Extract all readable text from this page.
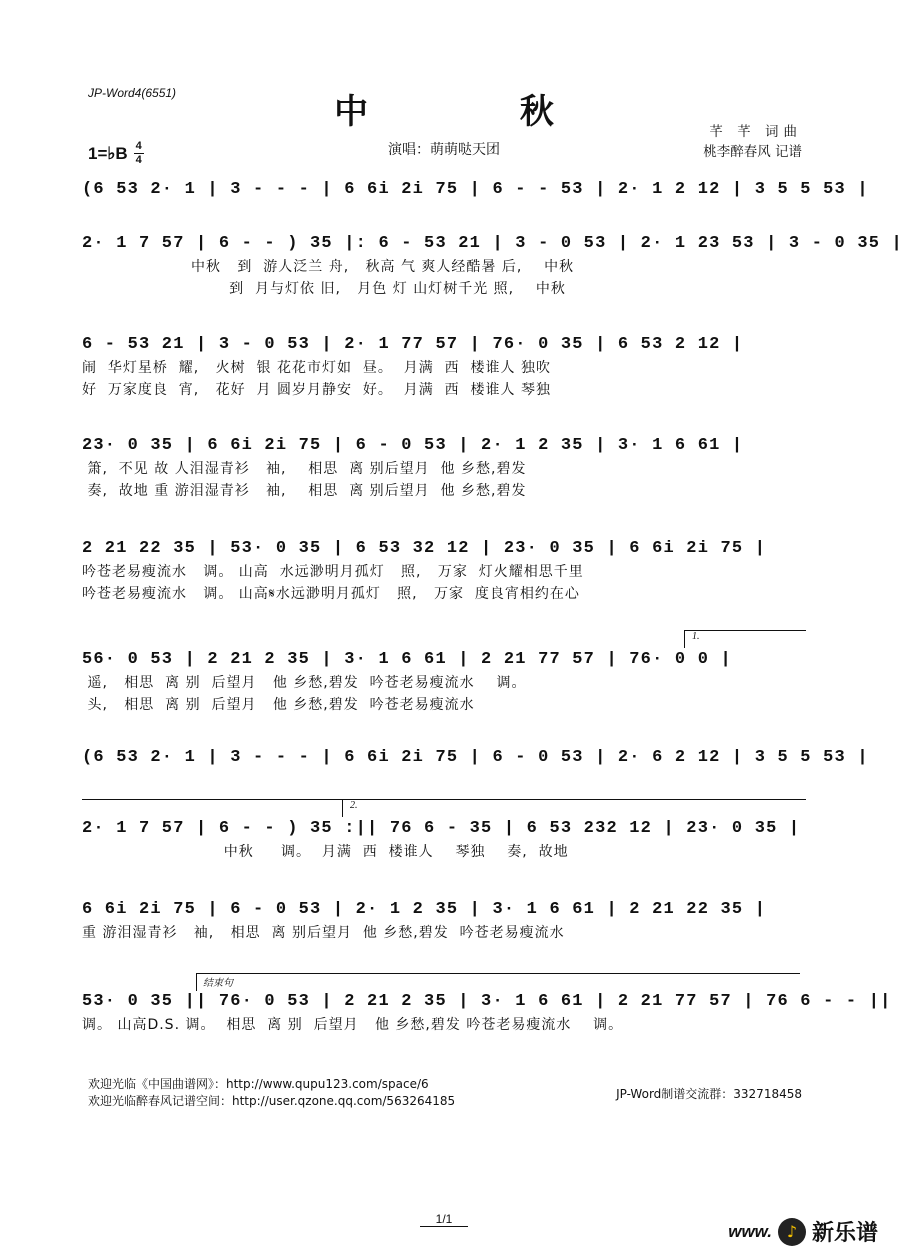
JP-Word4(6551)	中 秋	芊 芊 词曲
桃李醉春风 记谱
演唱：萌萌哒天团
1=♭B $\frac{4}{4}$
(6 53 2· 1 | 3 - - - | 6 6i 2i 75 | 6 - - 53 | 2· 1 2 12 | 3 5 5 53 |
2· 1 7 57 | 6 - - ) 35 |: 6 - 53 21 | 3 - 0 53 | 2· 1 23 53 | 3 - 0 35 |
中秋   到  游人泛兰 舟,   秋高 气 爽人经酷暑 后,    中秋
到  月与灯依 旧,   月色 灯 山灯树千光 照,    中秋
6 - 53 21 | 3 - 0 53 | 2· 1 77 57 | 76· 0 35 | 6 53 2 12 |
闹  华灯星桥  耀,   火树  银 花花市灯如  昼。  月满  西  楼谁人 独吹
好  万家度良  宵,   花好  月 圆岁月静安  好。  月满  西  楼谁人 琴独
23· 0 35 | 6 6i 2i 75 | 6 - 0 53 | 2· 1 2 35 | 3· 1 6 61 |
箫,  不见 故 人泪湿青衫   袖,    相思  离 别后望月  他 乡愁,碧发
奏,  故地 重 游泪湿青衫   袖,    相思  离 别后望月  他 乡愁,碧发
2 21 22 35 | 53· 0 35 | 6 53 32 12 | 23· 0 35 | 6 6i 2i 75 |
吟苍老易瘦流水   调。 山高  水远渺明月孤灯   照,   万家  灯火耀相思千里
吟苍老易瘦流水   调。 山高𝄋水远渺明月孤灯   照,   万家  度良宵相约在心
56· 0 53 | 2 21 2 35 | 3· 1 6 61 | 2 21 77 57 | 76· 0 0 |
遥,   相思  离 别  后望月   他 乡愁,碧发  吟苍老易瘦流水    调。
头,   相思  离 别  后望月   他 乡愁,碧发  吟苍老易瘦流水
(6 53 2· 1 | 3 - - - | 6 6i 2i 75 | 6 - 0 53 | 2· 6 2 12 | 3 5 5 53 |
2· 1 7 57 | 6 - - ) 35 :|| 76 6 - 35 | 6 53 232 12 | 23· 0 35 |
中秋     调。  月满  西  楼谁人    琴独    奏,  故地
6 6i 2i 75 | 6 - 0 53 | 2· 1 2 35 | 3· 1 6 61 | 2 21 22 35 |
重 游泪湿青衫   袖,   相思  离 别后望月  他 乡愁,碧发  吟苍老易瘦流水
53· 0 35 || 76· 0 53 | 2 21 2 35 | 3· 1 6 61 | 2 21 77 57 | 76 6 - - ||
调。 山高D.S. 调。  相思  离 别  后望月   他 乡愁,碧发 吟苍老易瘦流水    调。
1.
2.
结束句
欢迎光临《中国曲谱网》：http://www.qupu123.com/space/6
欢迎光临醉春风记谱空间：http://user.qzone.qq.com/563264185	JP-Word制谱交流群：332718458
1/1
www. ♪ 新乐谱
